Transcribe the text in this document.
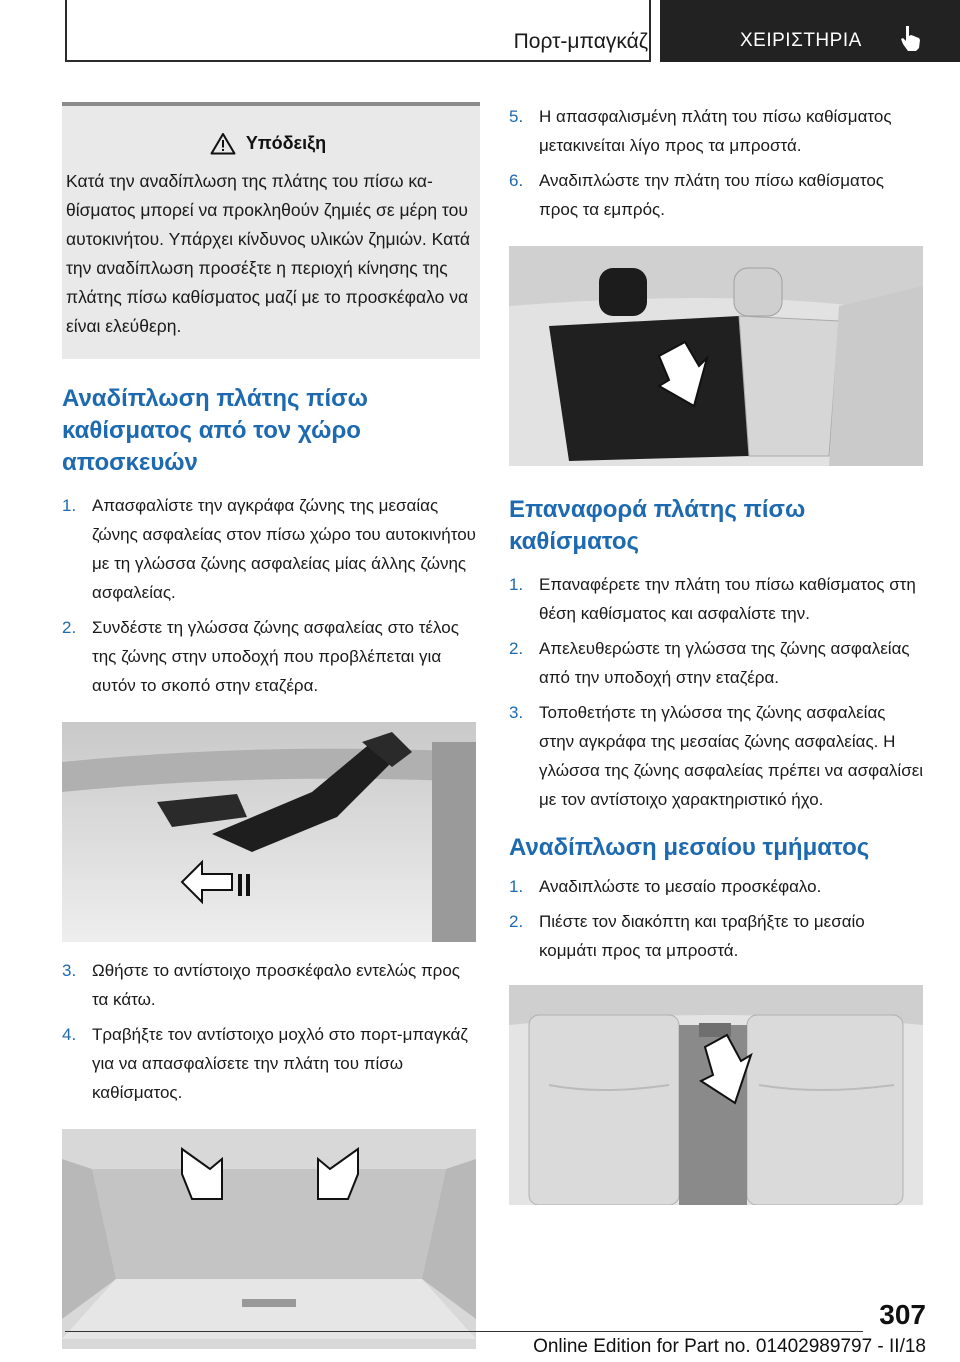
Πορτ-μπαγκάζ	ΧΕΙΡΙΣΤΗΡΙΑ
Υπόδειξη
Κατά την αναδίπλωση της πλάτης του πίσω καθίσματος μπορεί να προκληθούν ζημιές σε μέρη του αυτοκινήτου. Υπάρχει κίνδυνος υλικών ζημιών. Κατά την αναδίπλωση προσέξτε η περιοχή κίνησης της πλάτης πίσω καθίσματος μαζί με το προσκέφαλο να είναι ελεύθερη.
Αναδίπλωση πλάτης πίσω καθίσματος από τον χώρο αποσκευών
1. Απασφαλίστε την αγκράφα ζώνης της μεσαίας ζώνης ασφαλείας στον πίσω χώρο του αυτοκινήτου με τη γλώσσα ζώνης ασφαλείας μίας άλλης ζώνης ασφαλείας.
2. Συνδέστε τη γλώσσα ζώνης ασφαλείας στο τέλος της ζώνης στην υποδοχή που προβλέπεται για αυτόν το σκοπό στην εταζέρα.
3. Ωθήστε το αντίστοιχο προσκέφαλο εντελώς προς τα κάτω.
4. Τραβήξτε τον αντίστοιχο μοχλό στο πορτ-μπαγκάζ για να απασφαλίσετε την πλάτη του πίσω καθίσματος.
5. Η απασφαλισμένη πλάτη του πίσω καθίσματος μετακινείται λίγο προς τα μπροστά.
6. Αναδιπλώστε την πλάτη του πίσω καθίσματος προς τα εμπρός.
Επαναφορά πλάτης πίσω καθίσματος
1. Επαναφέρετε την πλάτη του πίσω καθίσματος στη θέση καθίσματος και ασφαλίστε την.
2. Απελευθερώστε τη γλώσσα της ζώνης ασφαλείας από την υποδοχή στην εταζέρα.
3. Τοποθετήστε τη γλώσσα της ζώνης ασφαλείας στην αγκράφα της μεσαίας ζώνης ασφαλείας. Η γλώσσα της ζώνης ασφαλείας πρέπει να ασφαλίσει με τον αντίστοιχο χαρακτηριστικό ήχο.
Αναδίπλωση μεσαίου τμήματος
1. Αναδιπλώστε το μεσαίο προσκέφαλο.
2. Πιέστε τον διακόπτη και τραβήξτε το μεσαίο κομμάτι προς τα μπροστά.
307
Online Edition for Part no. 01402989797 - II/18
